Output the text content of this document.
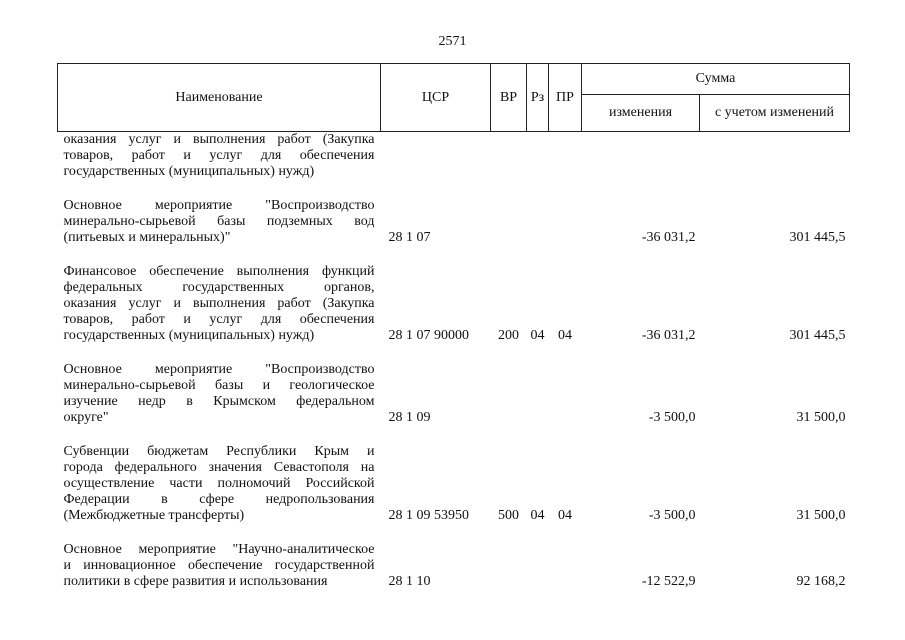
2571
Наименование	ЦСР	ВР	Рз	ПР	Сумма	
					изменения	с учетом изменений

оказания услуг и выполнения работ (Закупка
товаров, работ и услуг для обеспечения
государственных (муниципальных) нужд)						

Основное мероприятие "Воспроизводство
минерально-сырьевой базы подземных вод
(питьевых и минеральных)"	28 1 07				-36 031,2	301 445,5

Финансовое обеспечение выполнения функций
федеральных государственных органов,
оказания услуг и выполнения работ (Закупка
товаров, работ и услуг для обеспечения
государственных (муниципальных) нужд)	28 1 07 90000	200	04	04	-36 031,2	301 445,5

Основное мероприятие "Воспроизводство
минерально-сырьевой базы и геологическое
изучение недр в Крымском федеральном
округе"	28 1 09				-3 500,0	31 500,0

Субвенции бюджетам Республики Крым и
города федерального значения Севастополя на
осуществление части полномочий Российской
Федерации в сфере недропользования
(Межбюджетные трансферты)	28 1 09 53950	500	04	04	-3 500,0	31 500,0

Основное мероприятие "Научно-аналитическое
и инновационное обеспечение государственной
политики в сфере развития и использования	28 1 10				-12 522,9	92 168,2
